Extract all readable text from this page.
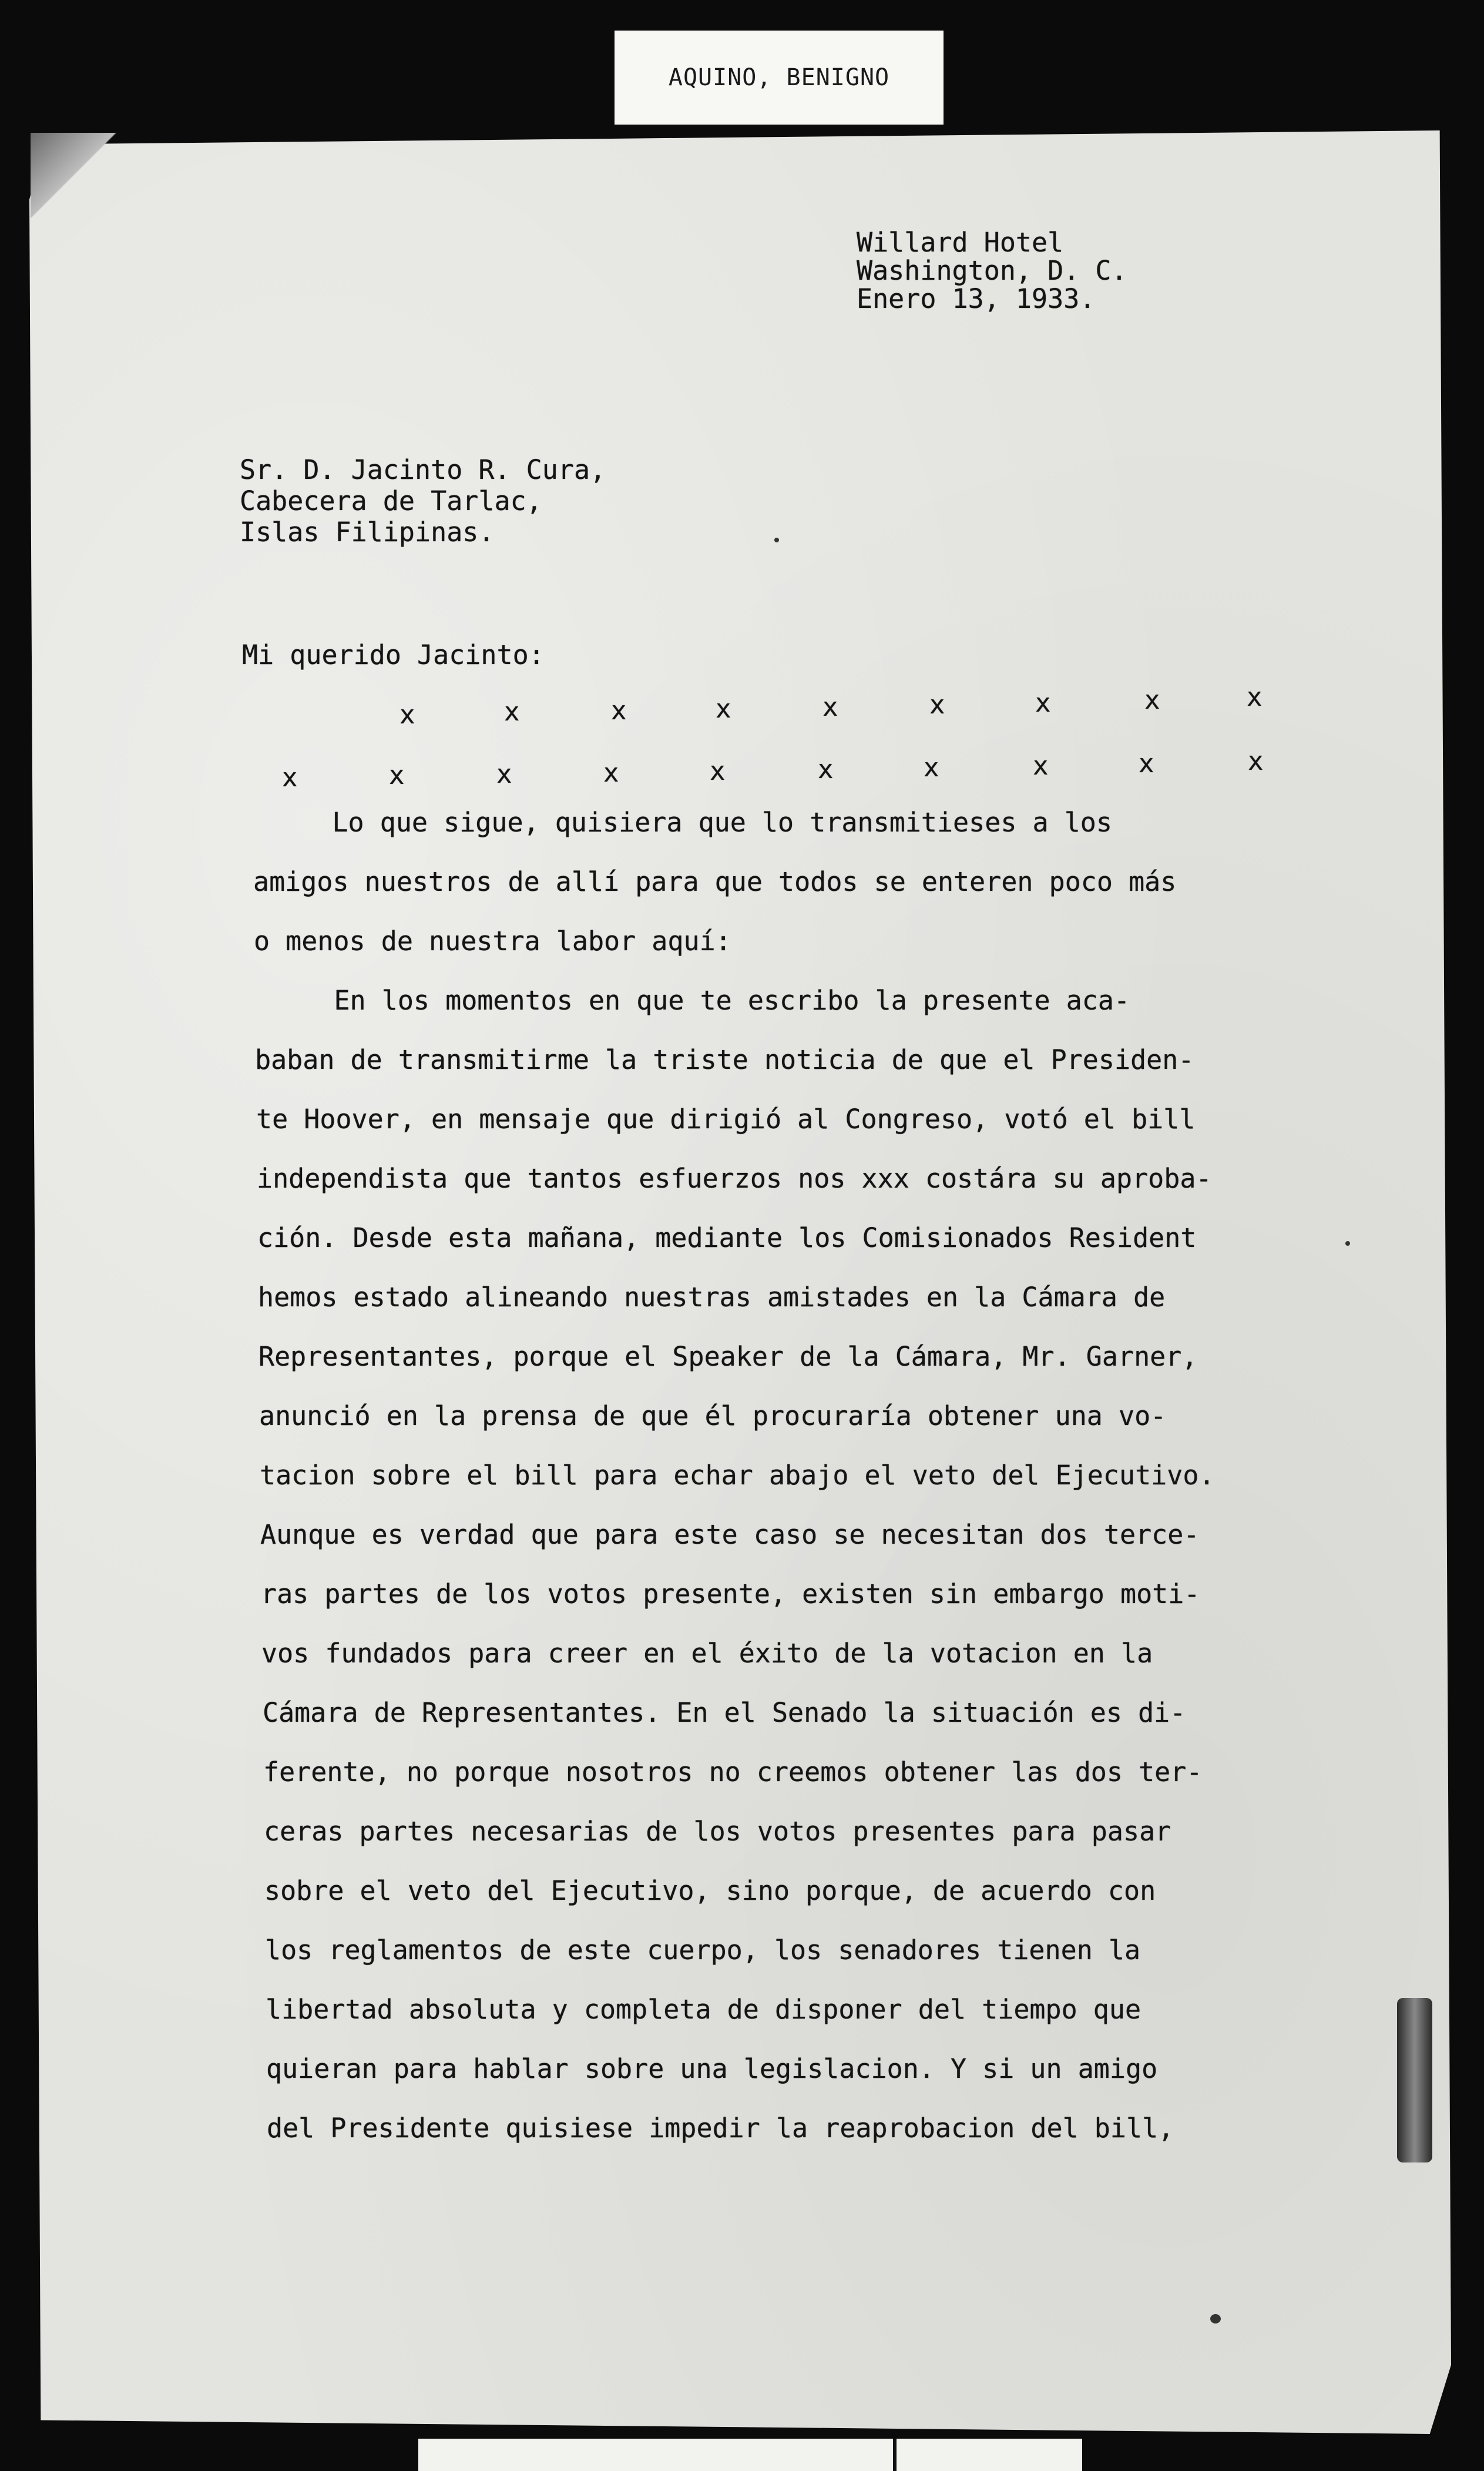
AQUINO, BENIGNO
Willard Hotel
Washington, D. C.
Enero 13, 1933.
Sr. D. Jacinto R. Cura,
Cabecera de Tarlac,
Islas Filipinas.
Mi querido Jacinto:
x	x	x	x	x	x	x	x	x
x	x	x	x	x	x	x	x	x	x
Lo que sigue, quisiera que lo transmitieses a los
amigos nuestros de allí para que todos se enteren poco más
o menos de nuestra labor aquí:
En los momentos en que te escribo la presente aca-
baban de transmitirme la triste noticia de que el Presiden-
te Hoover, en mensaje que dirigió al Congreso, votó el bill
independista que tantos esfuerzos nos xxx costára su aproba-
ción. Desde esta mañana, mediante los Comisionados Resident
hemos estado alineando nuestras amistades en la Cámara de
Representantes, porque el Speaker de la Cámara, Mr. Garner,
anunció en la prensa de que él procuraría obtener una vo-
tacion sobre el bill para echar abajo el veto del Ejecutivo.
Aunque es verdad que para este caso se necesitan dos terce-
ras partes de los votos presente, existen sin embargo moti-
vos fundados para creer en el éxito de la votacion en la
Cámara de Representantes. En el Senado la situación es di-
ferente, no porque nosotros no creemos obtener las dos ter-
ceras partes necesarias de los votos presentes para pasar
sobre el veto del Ejecutivo, sino porque, de acuerdo con
los reglamentos de este cuerpo, los senadores tienen la
libertad absoluta y completa de disponer del tiempo que
quieran para hablar sobre una legislacion. Y si un amigo
del Presidente quisiese impedir la reaprobacion del bill,
